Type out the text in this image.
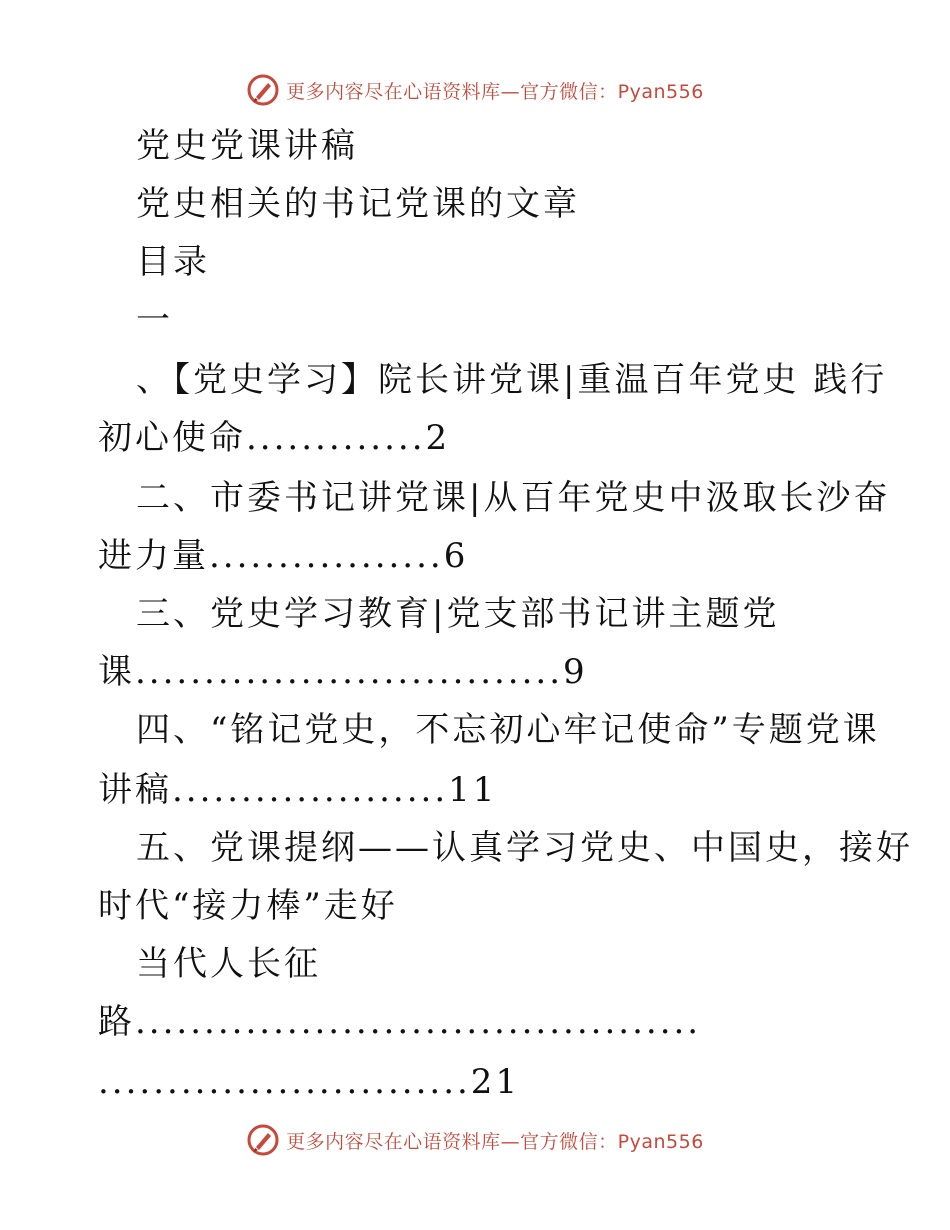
更多内容尽在心语资料库—官方微信：Pyan556
党史党课讲稿
党史相关的书记党课的文章
目录
一
、【党史学习】院长讲党课|重温百年党史 践行
初心使命.............2
二、市委书记讲党课|从百年党史中汲取长沙奋
进力量.................6
三、党史学习教育|党支部书记讲主题党
课...............................9
四、“铭记党史，不忘初心牢记使命”专题党课
讲稿....................11
五、党课提纲——认真学习党史、中国史，接好
时代“接力棒”走好
当代人长征
路.........................................
...........................21
更多内容尽在心语资料库—官方微信：Pyan556
